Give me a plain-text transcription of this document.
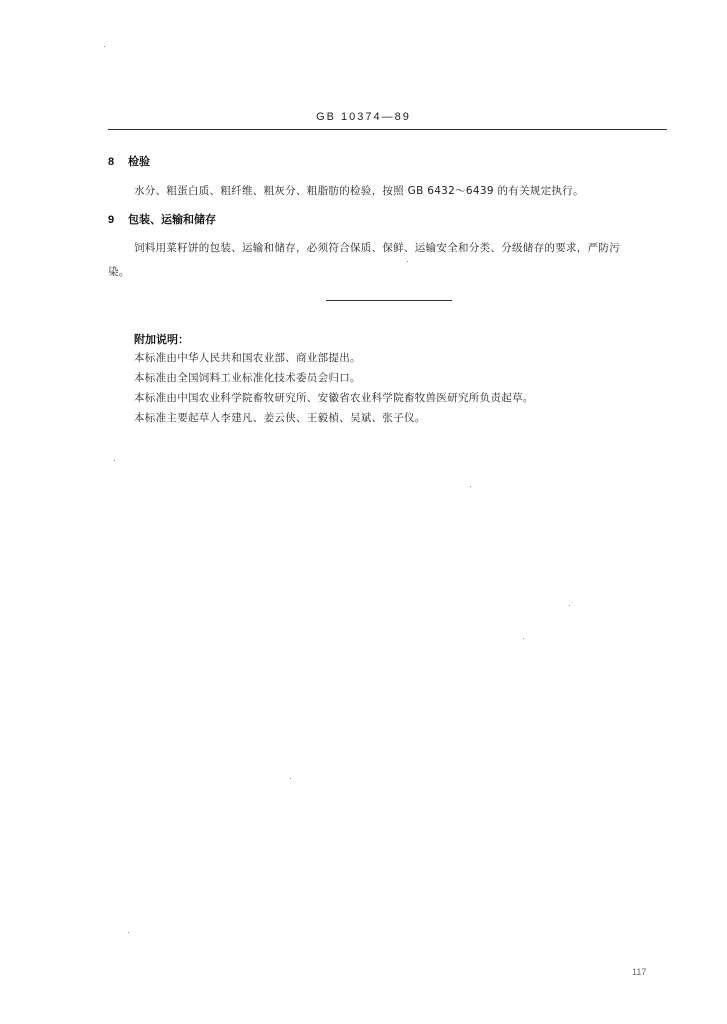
GB 10374—89
8 检验
水分、粗蛋白质、粗纤维、粗灰分、粗脂肪的检验，按照 GB 6432～6439 的有关规定执行。
9 包装、运输和储存
饲料用菜籽饼的包装、运输和储存，必须符合保质、保鲜、运输安全和分类、分级储存的要求，严防污
染。
附加说明：
本标准由中华人民共和国农业部、商业部提出。
本标准由全国饲料工业标准化技术委员会归口。
本标准由中国农业科学院畜牧研究所、安徽省农业科学院畜牧兽医研究所负责起草。
本标准主要起草人李建凡、姜云侠、王毅楨、吴斌、张子仪。
117
